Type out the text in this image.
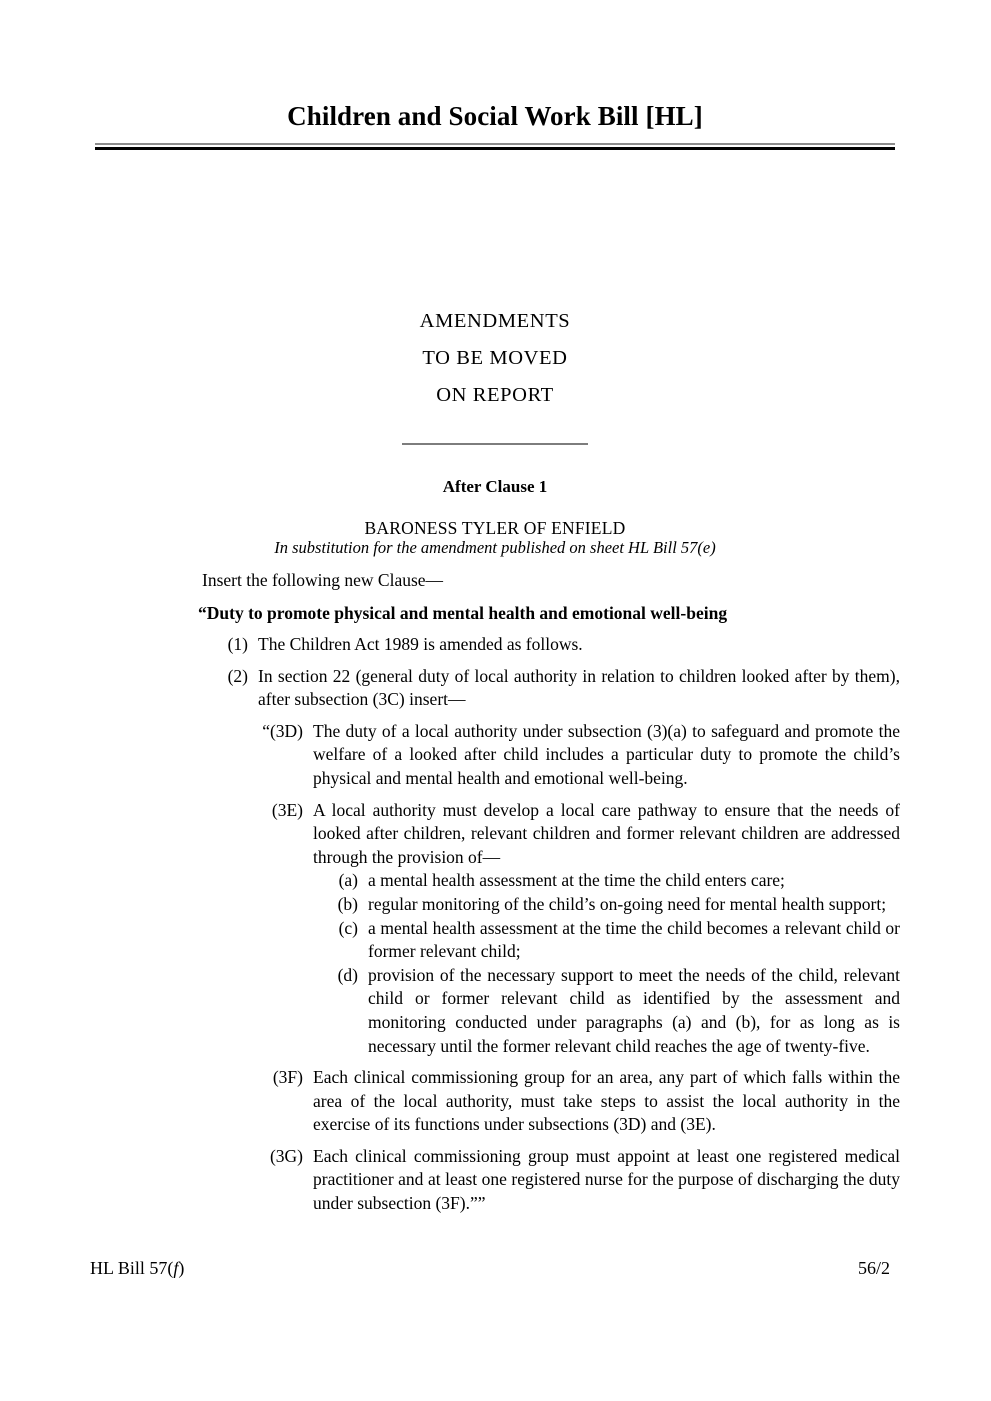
Children and Social Work Bill [HL]
AMENDMENTS
TO BE MOVED
ON REPORT
After Clause 1
BARONESS TYLER OF ENFIELD
In substitution for the amendment published on sheet HL Bill 57(e)
Insert the following new Clause—
“Duty to promote physical and mental health and emotional well-being
(1) The Children Act 1989 is amended as follows.
(2) In section 22 (general duty of local authority in relation to children looked after by them), after subsection (3C) insert—
“(3D) The duty of a local authority under subsection (3)(a) to safeguard and promote the welfare of a looked after child includes a particular duty to promote the child’s physical and mental health and emotional well-being.
(3E) A local authority must develop a local care pathway to ensure that the needs of looked after children, relevant children and former relevant children are addressed through the provision of—
(a) a mental health assessment at the time the child enters care;
(b) regular monitoring of the child’s on-going need for mental health support;
(c) a mental health assessment at the time the child becomes a relevant child or former relevant child;
(d) provision of the necessary support to meet the needs of the child, relevant child or former relevant child as identified by the assessment and monitoring conducted under paragraphs (a) and (b), for as long as is necessary until the former relevant child reaches the age of twenty-five.
(3F) Each clinical commissioning group for an area, any part of which falls within the area of the local authority, must take steps to assist the local authority in the exercise of its functions under subsections (3D) and (3E).
(3G) Each clinical commissioning group must appoint at least one registered medical practitioner and at least one registered nurse for the purpose of discharging the duty under subsection (3F).””
HL Bill 57(f)	56/2
